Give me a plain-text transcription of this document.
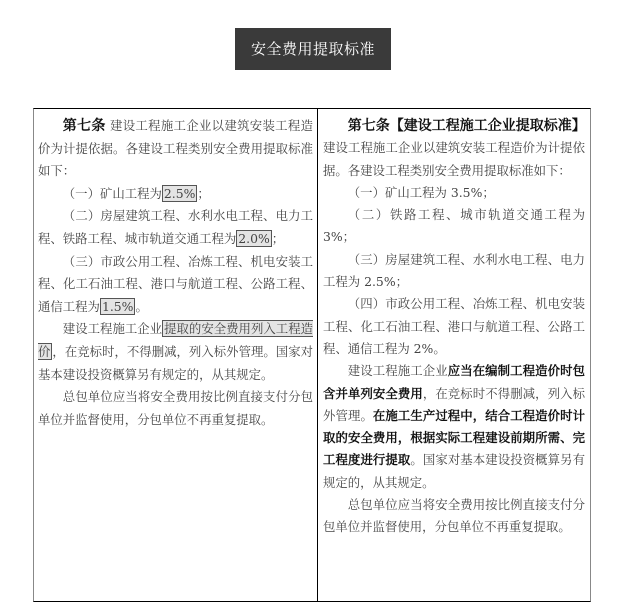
安全费用提取标准

第七条 建设工程施工企业以建筑安装工程造价为计提依据。各建设工程类别安全费用提取标准如下：

（一）矿山工程为 2.5% ；

（二）房屋建筑工程、水利水电工程、电力工程、铁路工程、城市轨道交通工程为 2.0% ；

（三）市政公用工程、冶炼工程、机电安装工程、化工石油工程、港口与航道工程、公路工程、通信工程为 1.5% 。

建设工程施工企业 提取的安全费用列入工程造价 ，在竞标时，不得删减，列入标外管理。国家对基本建设投资概算另有规定的，从其规定。

总包单位应当将安全费用按比例直接支付分包单位并监督使用，分包单位不再重复提取。

第七条【建设工程施工企业提取标准】建设工程施工企业以建筑安装工程造价为计提依据。各建设工程类别安全费用提取标准如下：

（一）矿山工程为 3.5%；

（二）铁路工程、城市轨道交通工程为 3%；

（三）房屋建筑工程、水利水电工程、电力工程为 2.5%；

（四）市政公用工程、冶炼工程、机电安装工程、化工石油工程、港口与航道工程、公路工程、通信工程为 2%。

建设工程施工企业应当在编制工程造价时包含并单列安全费用，在竞标时不得删减，列入标外管理。在施工生产过程中，结合工程造价时计取的安全费用，根据实际工程建设前期所需、完工程度进行提取。国家对基本建设投资概算另有规定的，从其规定。

总包单位应当将安全费用按比例直接支付分包单位并监督使用，分包单位不再重复提取。
